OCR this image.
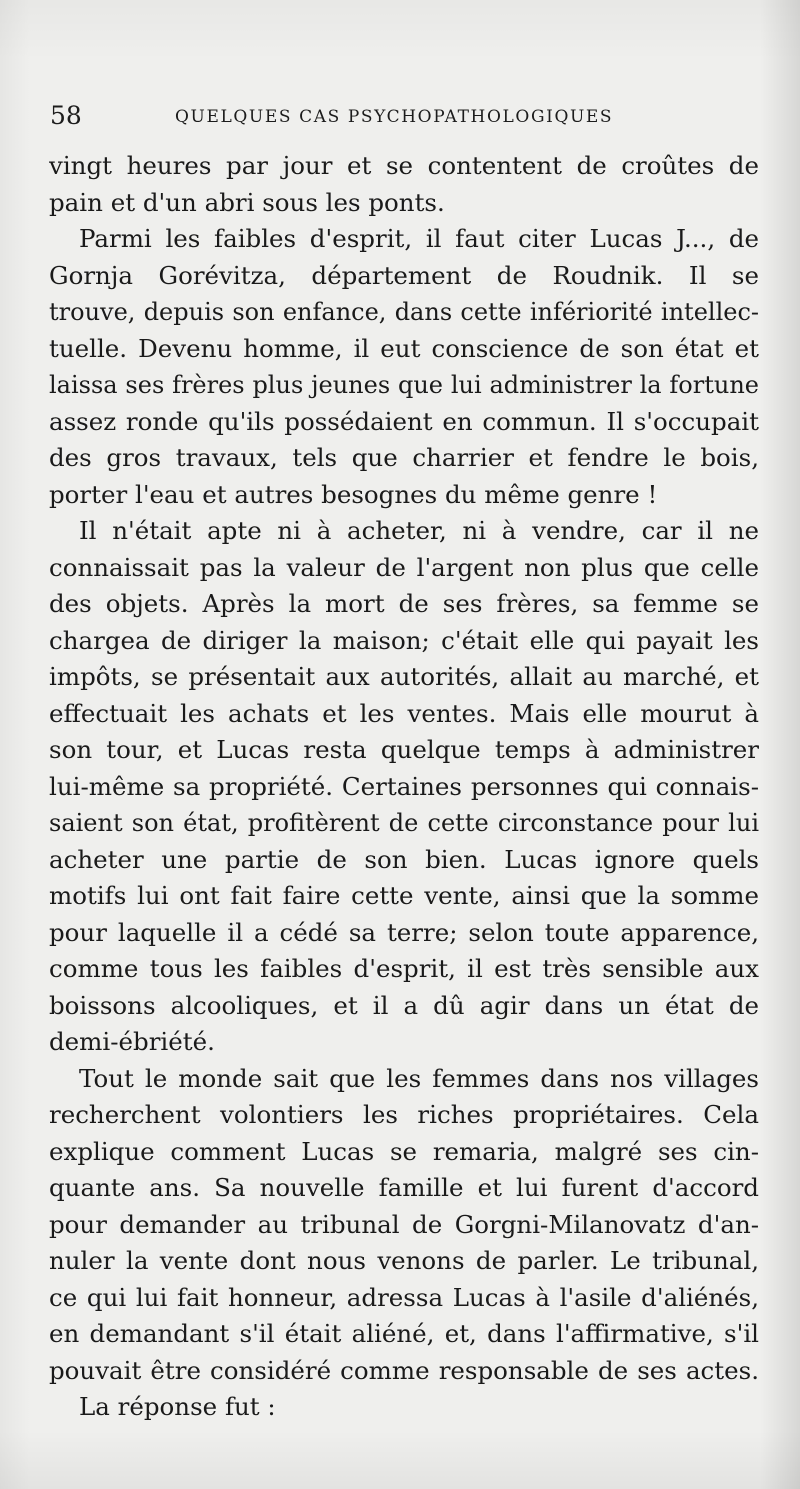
58	QUELQUES CAS PSYCHOPATHOLOGIQUES
vingt heures par jour et se contentent de croûtes de
pain et d'un abri sous les ponts.
Parmi les faibles d'esprit, il faut citer Lucas J..., de
Gornja Gorévitza, département de Roudnik. Il se
trouve, depuis son enfance, dans cette infériorité intellec-
tuelle. Devenu homme, il eut conscience de son état et
laissa ses frères plus jeunes que lui administrer la fortune
assez ronde qu'ils possédaient en commun. Il s'occupait
des gros travaux, tels que charrier et fendre le bois,
porter l'eau et autres besognes du même genre !
Il n'était apte ni à acheter, ni à vendre, car il ne
connaissait pas la valeur de l'argent non plus que celle
des objets. Après la mort de ses frères, sa femme se
chargea de diriger la maison; c'était elle qui payait les
impôts, se présentait aux autorités, allait au marché, et
effectuait les achats et les ventes. Mais elle mourut à
son tour, et Lucas resta quelque temps à administrer
lui-même sa propriété. Certaines personnes qui connais-
saient son état, profitèrent de cette circonstance pour lui
acheter une partie de son bien. Lucas ignore quels
motifs lui ont fait faire cette vente, ainsi que la somme
pour laquelle il a cédé sa terre; selon toute apparence,
comme tous les faibles d'esprit, il est très sensible aux
boissons alcooliques, et il a dû agir dans un état de
demi-ébriété.
Tout le monde sait que les femmes dans nos villages
recherchent volontiers les riches propriétaires. Cela
explique comment Lucas se remaria, malgré ses cin-
quante ans. Sa nouvelle famille et lui furent d'accord
pour demander au tribunal de Gorgni-Milanovatz d'an-
nuler la vente dont nous venons de parler. Le tribunal,
ce qui lui fait honneur, adressa Lucas à l'asile d'aliénés,
en demandant s'il était aliéné, et, dans l'affirmative, s'il
pouvait être considéré comme responsable de ses actes.
La réponse fut :
